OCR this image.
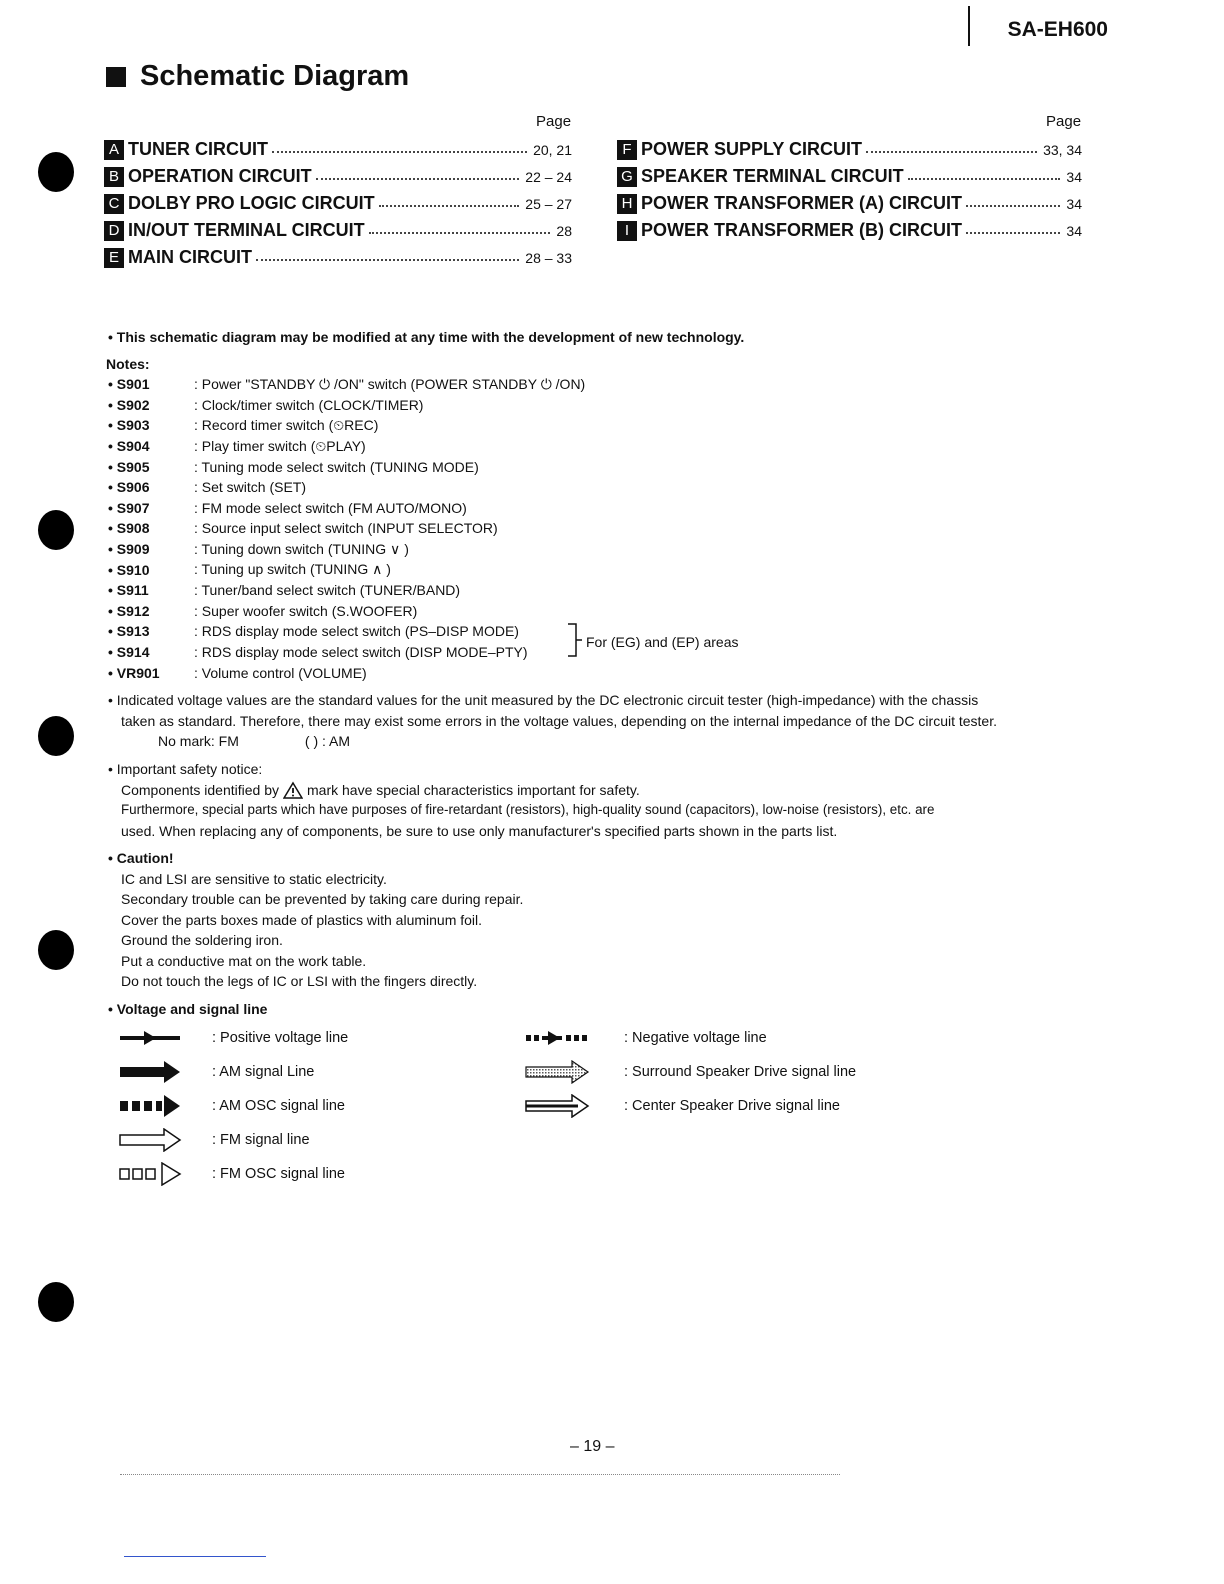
SA-EH600
Schematic Diagram
Page	Page
A TUNER CIRCUIT	20, 21
B OPERATION CIRCUIT	22 – 24
C DOLBY PRO LOGIC CIRCUIT	25 – 27
D IN/OUT TERMINAL CIRCUIT	28
E MAIN CIRCUIT	28 – 33
F POWER SUPPLY CIRCUIT	33, 34
G SPEAKER TERMINAL CIRCUIT	34
H POWER TRANSFORMER (A) CIRCUIT	34
I POWER TRANSFORMER (B) CIRCUIT	34
• This schematic diagram may be modified at any time with the development of new technology.
Notes:
• S901	: Power "STANDBY ⏻ /ON" switch (POWER STANDBY ⏻ /ON)
• S902	: Clock/timer switch (CLOCK/TIMER)
• S903	: Record timer switch (⏲REC)
• S904	: Play timer switch (⏲PLAY)
• S905	: Tuning mode select switch (TUNING MODE)
• S906	: Set switch (SET)
• S907	: FM mode select switch (FM AUTO/MONO)
• S908	: Source input select switch (INPUT SELECTOR)
• S909	: Tuning down switch (TUNING ∨ )
• S910	: Tuning up switch (TUNING ∧ )
• S911	: Tuner/band select switch (TUNER/BAND)
• S912	: Super woofer switch (S.WOOFER)
• S913	: RDS display mode select switch (PS–DISP MODE)
• S914	: RDS display mode select switch (DISP MODE–PTY)
• VR901	: Volume control (VOLUME)
For (EG) and (EP) areas
• Indicated voltage values are the standard values for the unit measured by the DC electronic circuit tester (high-impedance) with the chassis
taken as standard. Therefore, there may exist some errors in the voltage values, depending on the internal impedance of the DC circuit tester.
No mark: FM	( ) : AM
• Important safety notice:
Components identified by mark have special characteristics important for safety.
Furthermore, special parts which have purposes of fire-retardant (resistors), high-quality sound (capacitors), low-noise (resistors), etc. are
used. When replacing any of components, be sure to use only manufacturer's specified parts shown in the parts list.
• Caution!
IC and LSI are sensitive to static electricity.
Secondary trouble can be prevented by taking care during repair.
Cover the parts boxes made of plastics with aluminum foil.
Ground the soldering iron.
Put a conductive mat on the work table.
Do not touch the legs of IC or LSI with the fingers directly.
• Voltage and signal line
: Positive voltage line
: AM signal Line
: AM OSC signal line
: FM signal line
: FM OSC signal line
: Negative voltage line
: Surround Speaker Drive signal line
: Center Speaker Drive signal line
– 19 –
